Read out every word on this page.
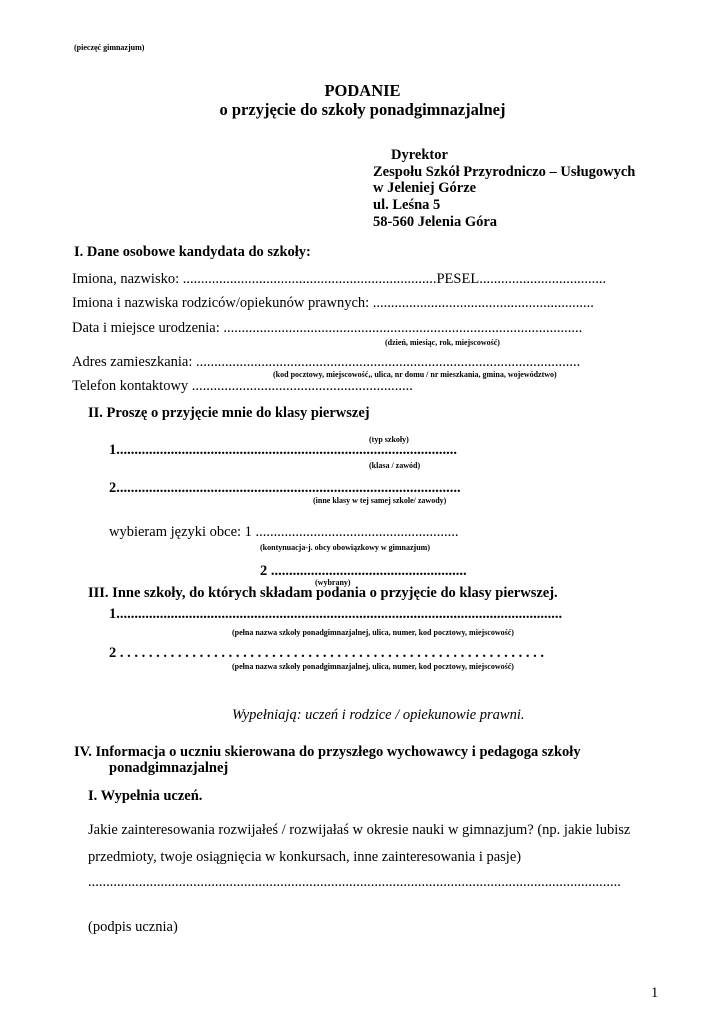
(pieczęć gimnazjum)
PODANIE
o przyjęcie do szkoły ponadgimnazjalnej
Dyrektor
Zespołu Szkół Przyrodniczo – Usługowych
w Jeleniej Górze
ul. Leśna 5
58-560 Jelenia Góra
I. Dane osobowe kandydata do szkoły:
Imiona, nazwisko: ......................................................................PESEL...................................
Imiona i nazwiska rodziców/opiekunów prawnych: .............................................................
Data i miejsce urodzenia: ...................................................................................................
(dzień, miesiąc, rok, miejscowość)
Adres zamieszkania: ..........................................................................................................
(kod pocztowy, miejscowość,, ulica, nr domu / nr mieszkania, gmina, województwo)
Telefon kontaktowy .............................................................
II. Proszę o przyjęcie mnie do klasy pierwszej
(typ szkoły)
1..............................................................................................
(klasa / zawód)
2...............................................................................................
(inne klasy w tej samej szkole/ zawody)
wybieram języki obce: 1 ........................................................
(kontynuacja-j. obcy obowiązkowy w gimnazjum)
2 ......................................................
(wybrany)
III. Inne szkoły, do których składam podania o przyjęcie do klasy pierwszej.
1...........................................................................................................................
(pełna nazwa szkoły ponadgimnazjalnej, ulica, numer, kod pocztowy, miejscowość)
2 . . . . . . . . . . . . . . . . . . . . . . . . . . . . . . . . . . . . . . . . . . . . . . . . . . . . . . . . . . .
(pełna nazwa szkoły ponadgimnazjalnej, ulica, numer, kod pocztowy, miejscowość)
Wypełniają: uczeń i rodzice / opiekunowie prawni.
IV. Informacja o uczniu skierowana do przyszłego wychowawcy i pedagoga szkoły
ponadgimnazjalnej
I. Wypełnia uczeń.
Jakie zainteresowania rozwijałeś / rozwijałaś w okresie nauki w gimnazjum? (np. jakie lubisz
przedmioty, twoje osiągnięcia w konkursach, inne zainteresowania i pasje)
...................................................................................................................................................
(podpis ucznia)
1
